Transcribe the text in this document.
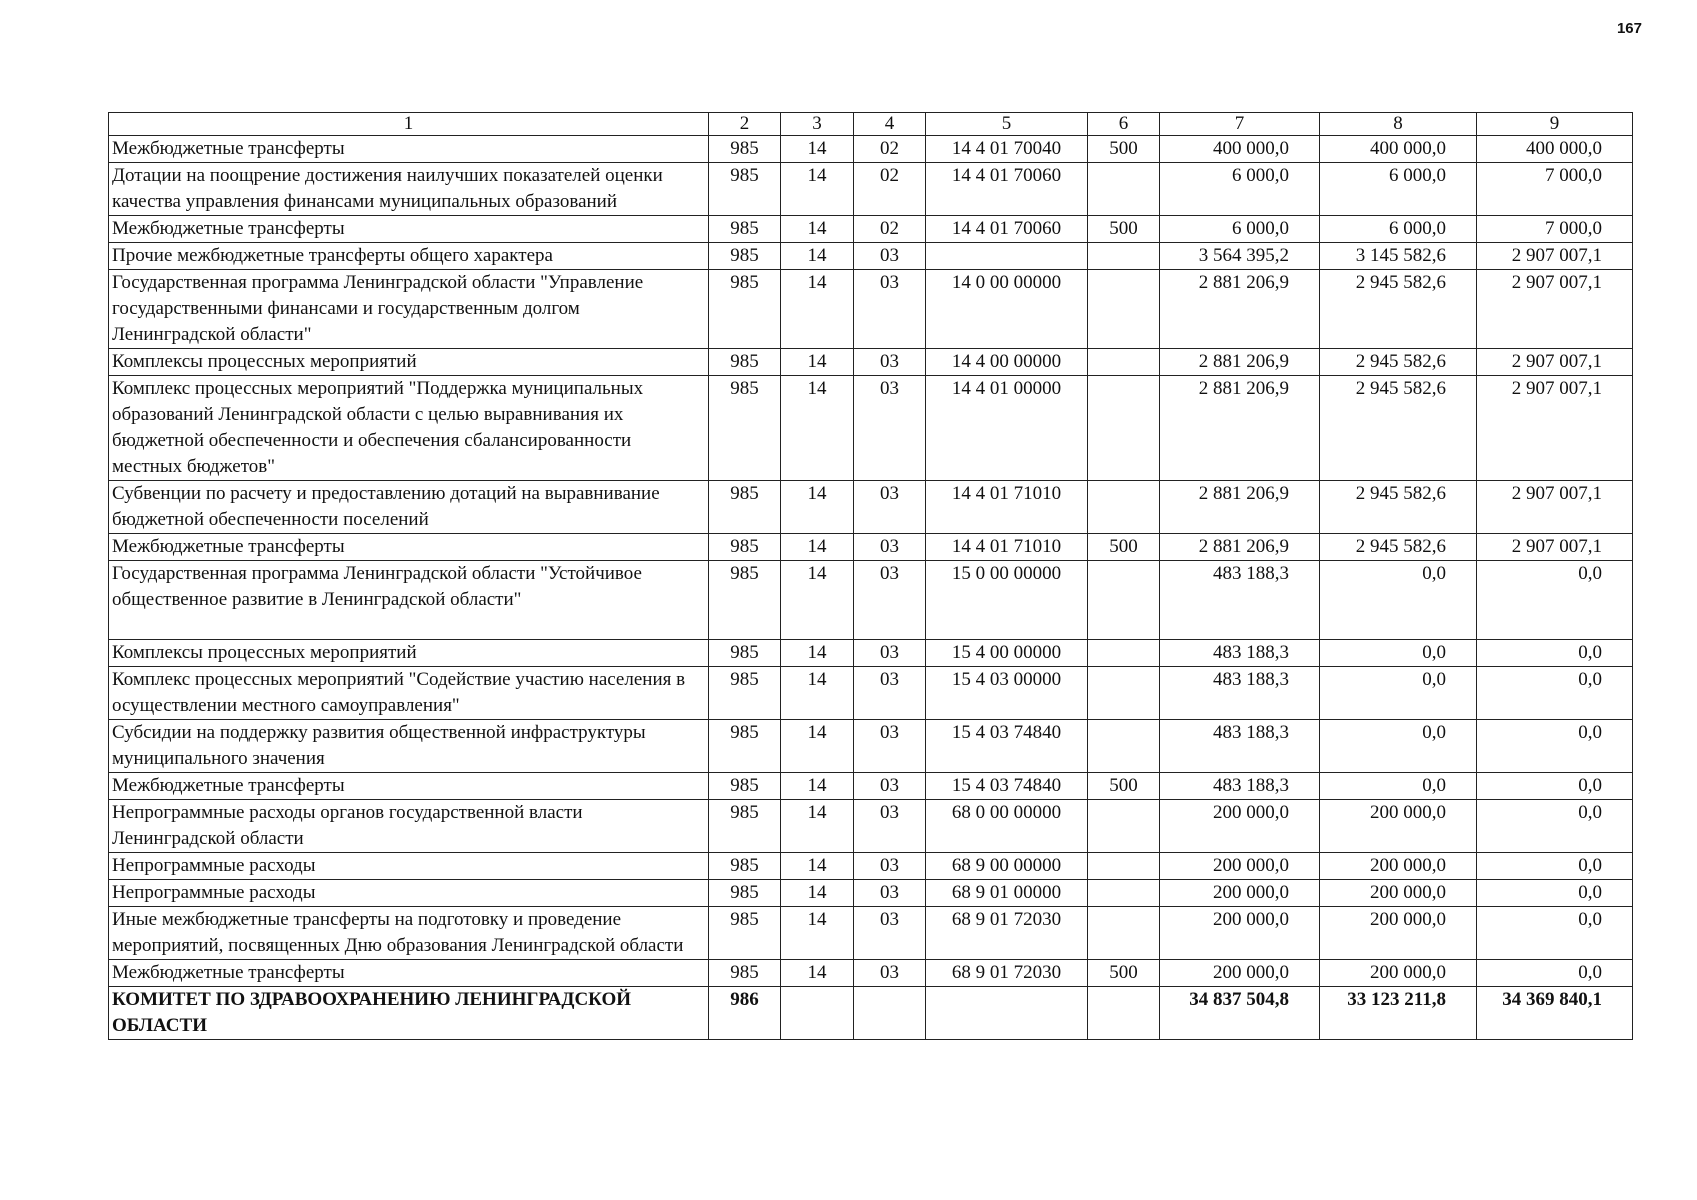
167
1	2	3	4	5	6	7	8	9
Межбюджетные трансферты	985	14	02	14 4 01 70040	500	400 000,0	400 000,0	400 000,0
Дотации на поощрение достижения наилучших показателей оценки качества управления финансами муниципальных образований	985	14	02	14 4 01 70060		6 000,0	6 000,0	7 000,0
Межбюджетные трансферты	985	14	02	14 4 01 70060	500	6 000,0	6 000,0	7 000,0
Прочие межбюджетные трансферты общего характера	985	14	03			3 564 395,2	3 145 582,6	2 907 007,1
Государственная программа Ленинградской области "Управление государственными финансами и государственным долгом Ленинградской области"	985	14	03	14 0 00 00000		2 881 206,9	2 945 582,6	2 907 007,1
Комплексы процессных мероприятий	985	14	03	14 4 00 00000		2 881 206,9	2 945 582,6	2 907 007,1
Комплекс процессных мероприятий "Поддержка муниципальных образований Ленинградской области с целью выравнивания их бюджетной обеспеченности и обеспечения сбалансированности местных бюджетов"	985	14	03	14 4 01 00000		2 881 206,9	2 945 582,6	2 907 007,1
Субвенции по расчету и предоставлению дотаций на выравнивание бюджетной обеспеченности поселений	985	14	03	14 4 01 71010		2 881 206,9	2 945 582,6	2 907 007,1
Межбюджетные трансферты	985	14	03	14 4 01 71010	500	2 881 206,9	2 945 582,6	2 907 007,1
Государственная программа Ленинградской области "Устойчивое общественное развитие в Ленинградской области"	985	14	03	15 0 00 00000		483 188,3	0,0	0,0
Комплексы процессных мероприятий	985	14	03	15 4 00 00000		483 188,3	0,0	0,0
Комплекс процессных мероприятий "Содействие участию населения в осуществлении местного самоуправления"	985	14	03	15 4 03 00000		483 188,3	0,0	0,0
Субсидии на поддержку развития общественной инфраструктуры муниципального значения	985	14	03	15 4 03 74840		483 188,3	0,0	0,0
Межбюджетные трансферты	985	14	03	15 4 03 74840	500	483 188,3	0,0	0,0
Непрограммные расходы органов государственной власти Ленинградской области	985	14	03	68 0 00 00000		200 000,0	200 000,0	0,0
Непрограммные расходы	985	14	03	68 9 00 00000		200 000,0	200 000,0	0,0
Непрограммные расходы	985	14	03	68 9 01 00000		200 000,0	200 000,0	0,0
Иные межбюджетные трансферты на подготовку и проведение мероприятий, посвященных Дню образования Ленинградской области	985	14	03	68 9 01 72030		200 000,0	200 000,0	0,0
Межбюджетные трансферты	985	14	03	68 9 01 72030	500	200 000,0	200 000,0	0,0
КОМИТЕТ ПО ЗДРАВООХРАНЕНИЮ ЛЕНИНГРАДСКОЙ ОБЛАСТИ	986					34 837 504,8	33 123 211,8	34 369 840,1
